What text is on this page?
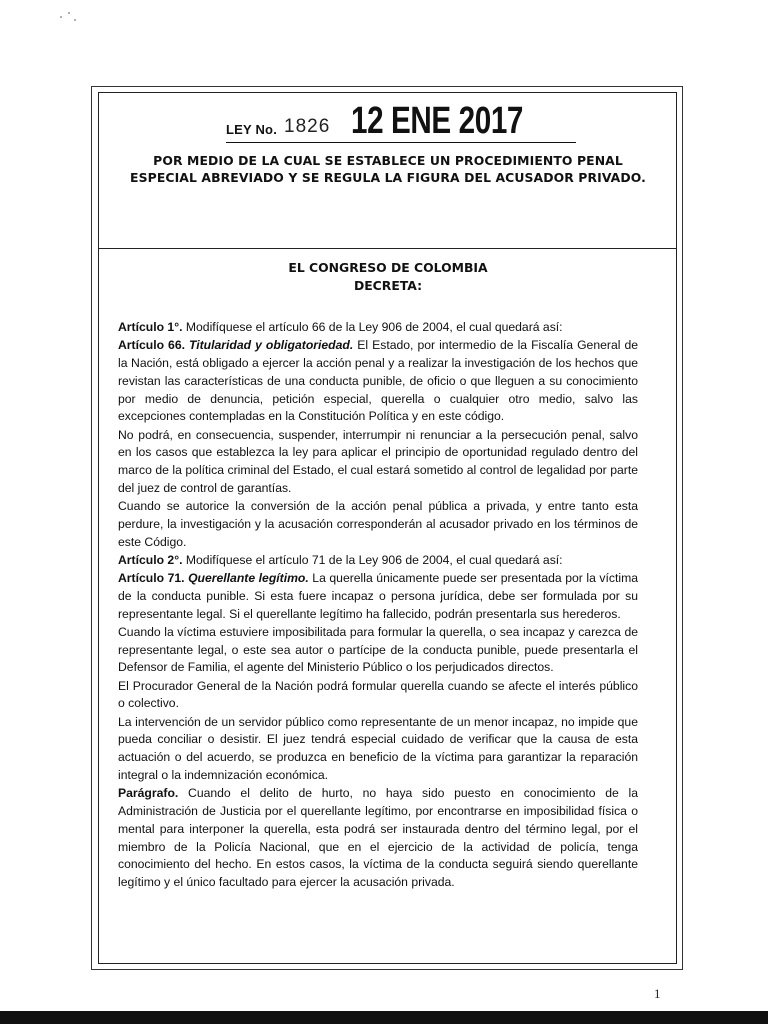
LEY No. 1826 12 ENE 2017
POR MEDIO DE LA CUAL SE ESTABLECE UN PROCEDIMIENTO PENAL ESPECIAL ABREVIADO Y SE REGULA LA FIGURA DEL ACUSADOR PRIVADO.
EL CONGRESO DE COLOMBIA
DECRETA:

Artículo 1°. Modifíquese el artículo 66 de la Ley 906 de 2004, el cual quedará así:

Artículo 66. Titularidad y obligatoriedad. El Estado, por intermedio de la Fiscalía General de la Nación, está obligado a ejercer la acción penal y a realizar la investigación de los hechos que revistan las características de una conducta punible, de oficio o que lleguen a su conocimiento por medio de denuncia, petición especial, querella o cualquier otro medio, salvo las excepciones contempladas en la Constitución Política y en este código.

No podrá, en consecuencia, suspender, interrumpir ni renunciar a la persecución penal, salvo en los casos que establezca la ley para aplicar el principio de oportunidad regulado dentro del marco de la política criminal del Estado, el cual estará sometido al control de legalidad por parte del juez de control de garantías.

Cuando se autorice la conversión de la acción penal pública a privada, y entre tanto esta perdure, la investigación y la acusación corresponderán al acusador privado en los términos de este Código.

Artículo 2°. Modifíquese el artículo 71 de la Ley 906 de 2004, el cual quedará así:

Artículo 71. Querellante legítimo. La querella únicamente puede ser presentada por la víctima de la conducta punible. Si esta fuere incapaz o persona jurídica, debe ser formulada por su representante legal. Si el querellante legítimo ha fallecido, podrán presentarla sus herederos.

Cuando la víctima estuviere imposibilitada para formular la querella, o sea incapaz y carezca de representante legal, o este sea autor o partícipe de la conducta punible, puede presentarla el Defensor de Familia, el agente del Ministerio Público o los perjudicados directos.

El Procurador General de la Nación podrá formular querella cuando se afecte el interés público o colectivo.

La intervención de un servidor público como representante de un menor incapaz, no impide que pueda conciliar o desistir. El juez tendrá especial cuidado de verificar que la causa de esta actuación o del acuerdo, se produzca en beneficio de la víctima para garantizar la reparación integral o la indemnización económica.

Parágrafo. Cuando el delito de hurto, no haya sido puesto en conocimiento de la Administración de Justicia por el querellante legítimo, por encontrarse en imposibilidad física o mental para interponer la querella, esta podrá ser instaurada dentro del término legal, por el miembro de la Policía Nacional, que en el ejercicio de la actividad de policía, tenga conocimiento del hecho. En estos casos, la víctima de la conducta seguirá siendo querellante legítimo y el único facultado para ejercer la acusación privada.

1
